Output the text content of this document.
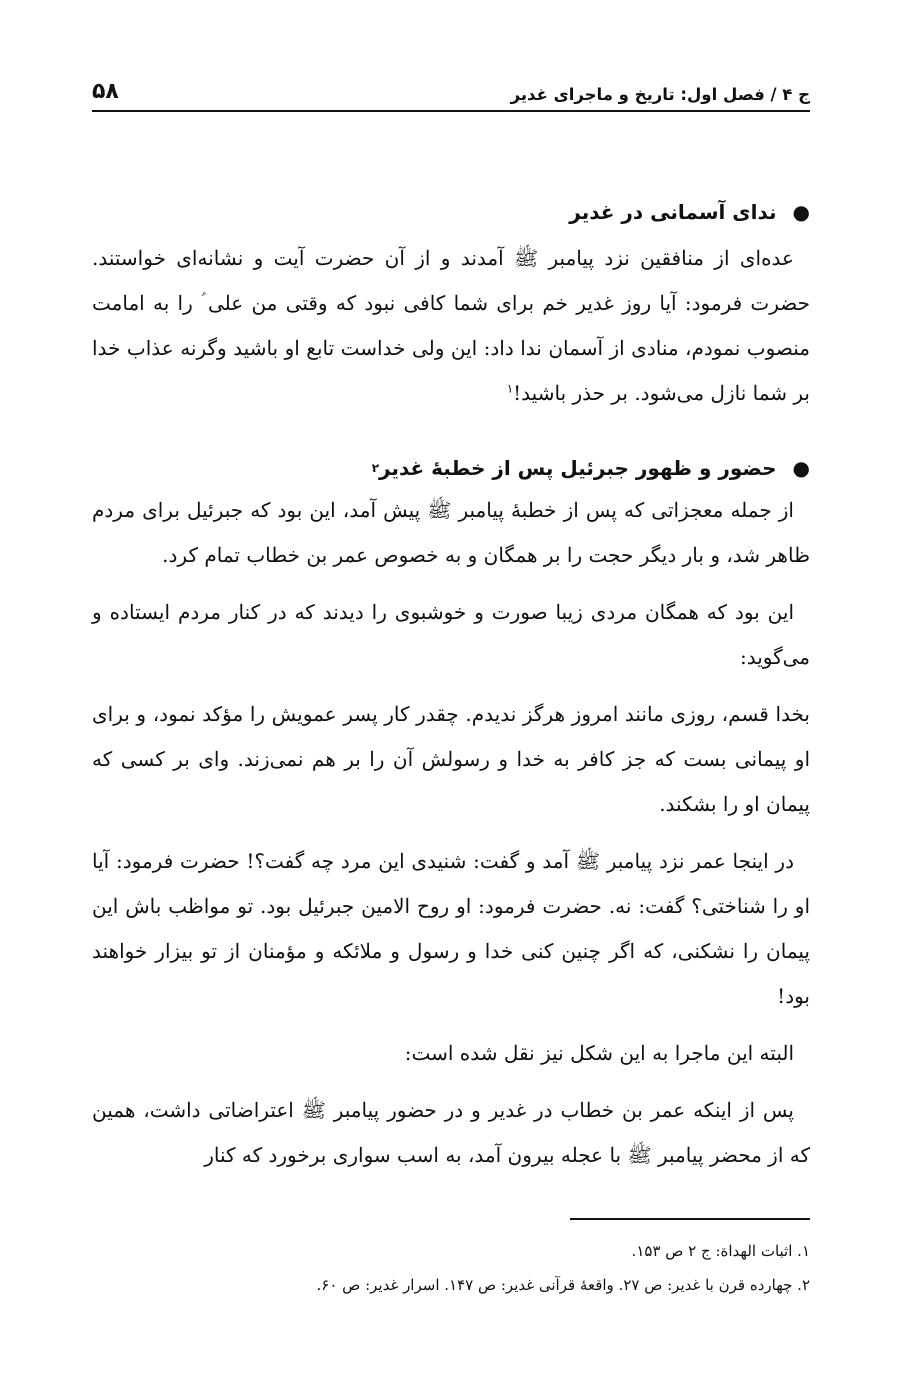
ج ۴ / فصل اول: تاریخ و ماجرای غدیر
۵۸
●
ندای آسمانی در غدیر

عده‌ای از منافقین نزد پیامبر ﷺ آمدند و از آن حضرت آیت و نشانه‌ای خواستند. حضرت فرمود: آیا روز غدیر خم برای شما کافی نبود که وقتی من علی ؑ را به امامت منصوب نمودم، منادی از آسمان ندا داد: این ولی خداست تابع او باشید وگرنه عذاب خدا بر شما نازل می‌شود. بر حذر باشید!$^۱$

●
حضور و ظهور جبرئیل پس از خطبهٔ غدیر
۲

از جمله معجزاتی که پس از خطبهٔ پیامبر ﷺ پیش آمد، این بود که جبرئیل برای مردم ظاهر شد، و بار دیگر حجت را بر همگان و به خصوص عمر بن خطاب تمام کرد.

این بود که همگان مردی زیبا صورت و خوشبوی را دیدند که در کنار مردم ایستاده و می‌گوید:

بخدا قسم، روزی مانند امروز هرگز ندیدم. چقدر کار پسر عمویش را مؤکد نمود، و برای او پیمانی بست که جز کافر به خدا و رسولش آن را بر هم نمی‌زند. وای بر کسی که پیمان او را بشکند.

در اینجا عمر نزد پیامبر ﷺ آمد و گفت: شنیدی این مرد چه گفت؟! حضرت فرمود: آیا او را شناختی؟ گفت: نه. حضرت فرمود: او روح الامین جبرئیل بود. تو مواظب باش این پیمان را نشکنی، که اگر چنین کنی خدا و رسول و ملائکه و مؤمنان از تو بیزار خواهند بود!

البته این ماجرا به این شکل نیز نقل شده است:

پس از اینکه عمر بن خطاب در غدیر و در حضور پیامبر ﷺ اعتراضاتی داشت، همین که از محضر پیامبر ﷺ با عجله بیرون آمد، به اسب سواری برخورد که کنار

۱. اثبات الهداة: ج ۲ ص ۱۵۳.

۲. چهارده قرن با غدیر: ص ۲۷. واقعهٔ قرآنی غدیر: ص ۱۴۷. اسرار غدیر: ص ۶۰.
